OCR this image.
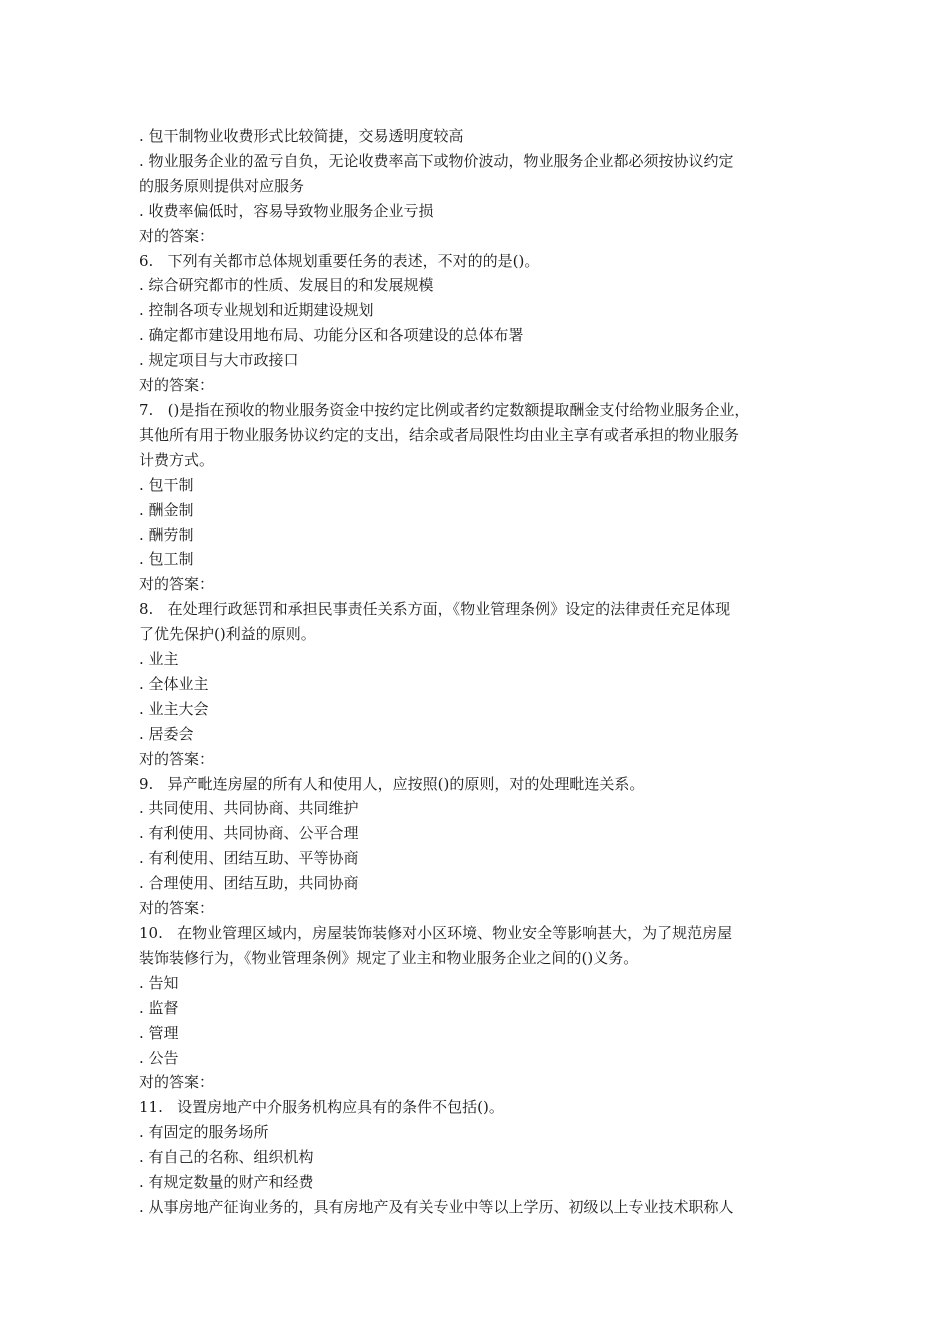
. 包干制物业收费形式比较简捷，交易透明度较高

. 物业服务企业的盈亏自负，无论收费率高下或物价波动，物业服务企业都必须按协议约定

的服务原则提供对应服务

. 收费率偏低时，容易导致物业服务企业亏损

对的答案：

6.   下列有关都市总体规划重要任务的表述，不对的的是()。

. 综合研究都市的性质、发展目的和发展规模

. 控制各项专业规划和近期建设规划

. 确定都市建设用地布局、功能分区和各项建设的总体布署

. 规定项目与大市政接口

对的答案：

7.   ()是指在预收的物业服务资金中按约定比例或者约定数额提取酬金支付给物业服务企业，

其他所有用于物业服务协议约定的支出，结余或者局限性均由业主享有或者承担的物业服务

计费方式。

. 包干制

. 酬金制

. 酬劳制

. 包工制

对的答案：

8.   在处理行政惩罚和承担民事责任关系方面，《物业管理条例》设定的法律责任充足体现

了优先保护()利益的原则。

. 业主

. 全体业主

. 业主大会

. 居委会

对的答案：

9.   异产毗连房屋的所有人和使用人，应按照()的原则，对的处理毗连关系。

. 共同使用、共同协商、共同维护

. 有利使用、共同协商、公平合理

. 有利使用、团结互助、平等协商

. 合理使用、团结互助，共同协商

对的答案：

10.   在物业管理区域内，房屋装饰装修对小区环境、物业安全等影响甚大，为了规范房屋

装饰装修行为，《物业管理条例》规定了业主和物业服务企业之间的()义务。

. 告知

. 监督

. 管理

. 公告

对的答案：

11.   设置房地产中介服务机构应具有的条件不包括()。

. 有固定的服务场所

. 有自己的名称、组织机构

. 有规定数量的财产和经费

. 从事房地产征询业务的，具有房地产及有关专业中等以上学历、初级以上专业技术职称人
